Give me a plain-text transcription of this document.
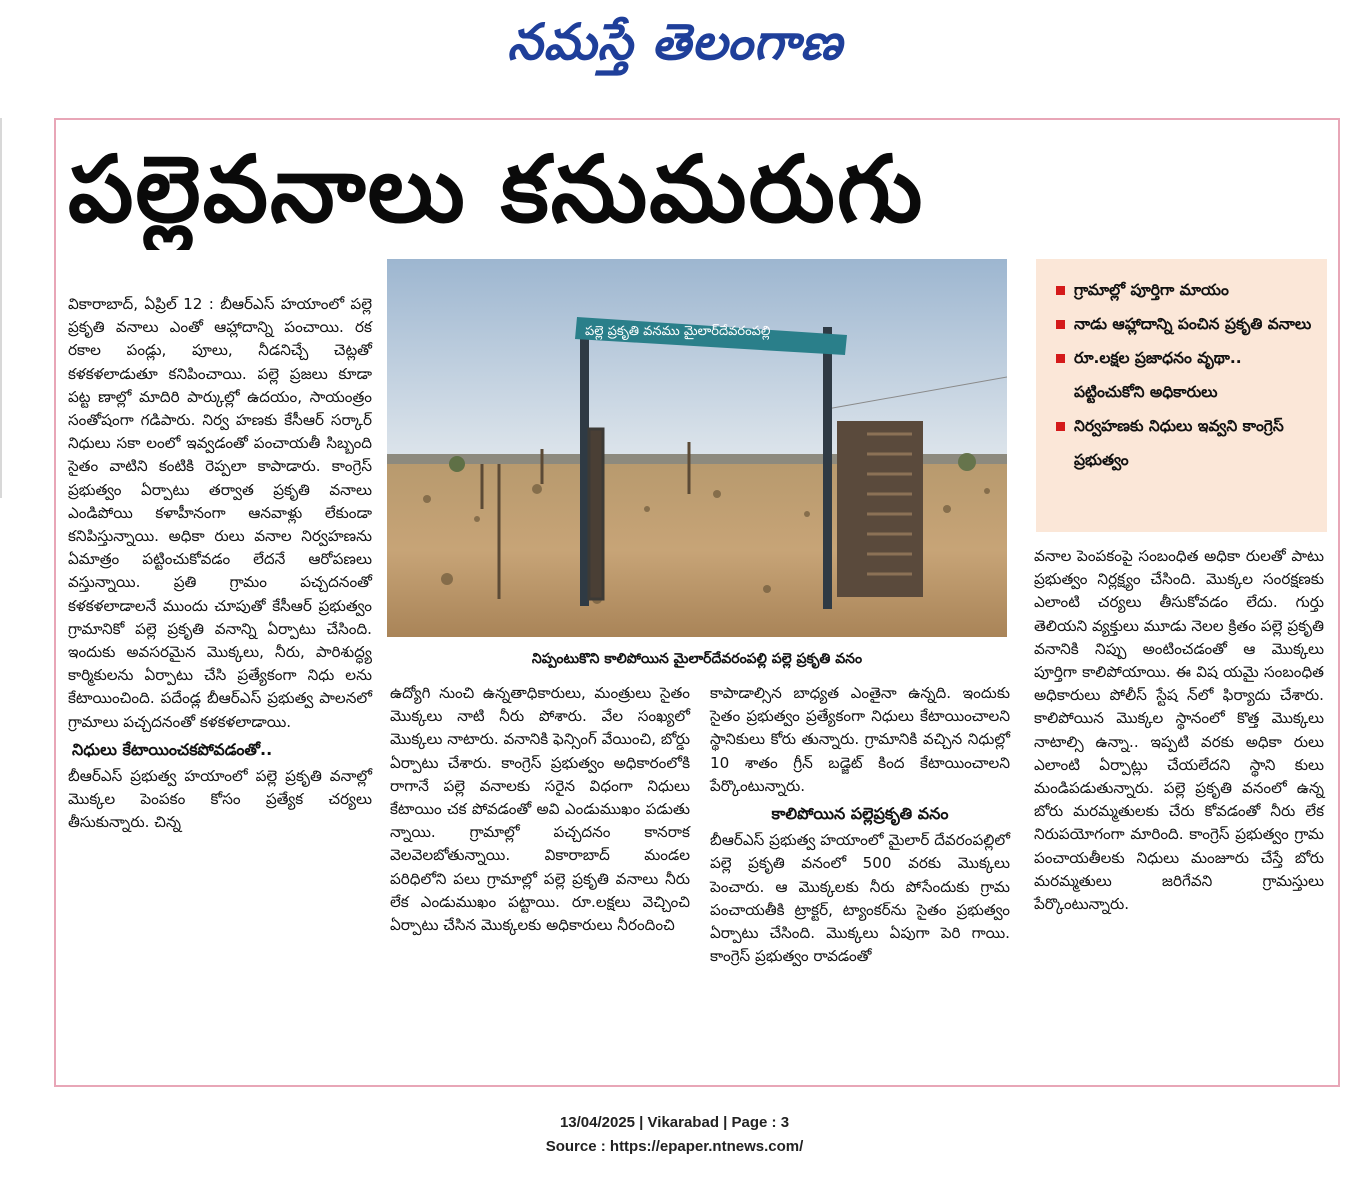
నమస్తే తెలంగాణ
పల్లెవనాలు కనుమరుగు
పల్లె ప్రకృతి వనము మైలార్‌దేవరంపల్లి
నిప్పంటుకొని కాలిపోయిన మైలార్‌దేవరంపల్లి పల్లె ప్రకృతి వనం
గ్రామాల్లో పూర్తిగా మాయం
నాడు ఆహ్లాదాన్ని పంచిన ప్రకృతి వనాలు
రూ.లక్షల ప్రజాధనం వృథా.. పట్టించుకోని అధికారులు
నిర్వహణకు నిధులు ఇవ్వని కాంగ్రెస్ ప్రభుత్వం

వికారాబాద్, ఏప్రిల్ 12 : బీఆర్‌ఎస్ హయాంలో పల్లె ప్రకృతి వనాలు ఎంతో ఆహ్లాదాన్ని పంచాయి. రక రకాల పండ్లు, పూలు, నీడనిచ్చే చెట్లతో కళకళలాడుతూ కనిపించాయి. పల్లె ప్రజలు కూడా పట్ట ణాల్లో మాదిరి పార్కుల్లో ఉదయం, సాయంత్రం సంతోషంగా గడిపారు. నిర్వ హణకు కేసీఆర్ సర్కార్ నిధులు సకా లంలో ఇవ్వడంతో పంచాయతీ సిబ్బంది సైతం వాటిని కంటికి రెప్పలా కాపాడారు. కాంగ్రెస్ ప్రభుత్వం ఏర్పాటు తర్వాత ప్రకృతి వనాలు ఎండిపోయి కళాహీనంగా ఆనవాళ్లు లేకుండా కనిపిస్తున్నాయి. అధికా రులు వనాల నిర్వహణను ఏమాత్రం పట్టించుకోవడం లేదనే ఆరోపణలు వస్తున్నాయి. ప్రతి గ్రామం పచ్చదనంతో కళకళలాడాలనే ముందు చూపుతో కేసీఆర్ ప్రభుత్వం గ్రామానికో పల్లె ప్రకృతి వనాన్ని ఏర్పాటు చేసింది. ఇందుకు అవసరమైన మొక్కలు, నీరు, పారిశుద్ధ్య కార్మికులను ఏర్పాటు చేసి ప్రత్యేకంగా నిధు లను కేటాయించింది. పదేండ్ల బీఆర్‌ఎస్ ప్రభుత్వ పాలనలో గ్రామాలు పచ్చదనంతో కళకళలాడాయి.

నిధులు కేటాయించకపోవడంతో..

బీఆర్‌ఎస్ ప్రభుత్వ హయాంలో పల్లె ప్రకృతి వనాల్లో మొక్కల పెంపకం కోసం ప్రత్యేక చర్యలు తీసుకున్నారు. చిన్న

ఉద్యోగి నుంచి ఉన్నతాధికారులు, మంత్రులు సైతం మొక్కలు నాటి నీరు పోశారు. వేల సంఖ్యలో మొక్కలు నాటారు. వనానికి ఫెన్సింగ్ వేయించి, బోర్డు ఏర్పాటు చేశారు. కాంగ్రెస్ ప్రభుత్వం అధికారంలోకి రాగానే పల్లె వనాలకు సరైన విధంగా నిధులు కేటాయిం చక పోవడంతో అవి ఎండుముఖం పడుతు న్నాయి. గ్రామాల్లో పచ్చదనం కానరాక వెలవెలబోతున్నాయి. వికారాబాద్ మండల పరిధిలోని పలు గ్రామాల్లో పల్లె ప్రకృతి వనాలు నీరు లేక ఎండుముఖం పట్టాయి. రూ.లక్షలు వెచ్చించి ఏర్పాటు చేసిన మొక్కలకు అధికారులు నీరందించి

కాపాడాల్సిన బాధ్యత ఎంతైనా ఉన్నది. ఇందుకు సైతం ప్రభుత్వం ప్రత్యేకంగా నిధులు కేటాయించాలని స్థానికులు కోరు తున్నారు. గ్రామానికి వచ్చిన నిధుల్లో 10 శాతం గ్రీన్ బడ్జెట్ కింద కేటాయించాలని పేర్కొంటున్నారు.

కాలిపోయిన పల్లెప్రకృతి వనం

బీఆర్‌ఎస్ ప్రభుత్వ హయాంలో మైలార్ దేవరంపల్లిలో పల్లె ప్రకృతి వనంలో 500 వరకు మొక్కలు పెంచారు. ఆ మొక్కలకు నీరు పోసేందుకు గ్రామ పంచాయతీకి ట్రాక్టర్, ట్యాంకర్‌ను సైతం ప్రభుత్వం ఏర్పాటు చేసింది. మొక్కలు ఏపుగా పెరి గాయి. కాంగ్రెస్ ప్రభుత్వం రావడంతో

వనాల పెంపకంపై సంబంధిత అధికా రులతో పాటు ప్రభుత్వం నిర్లక్ష్యం చేసింది. మొక్కల సంరక్షణకు ఎలాంటి చర్యలు తీసుకోవడం లేదు. గుర్తు తెలియని వ్యక్తులు మూడు నెలల క్రితం పల్లె ప్రకృతి వనానికి నిప్పు అంటించడంతో ఆ మొక్కలు పూర్తిగా కాలిపోయాయి. ఈ విష యమై సంబంధిత అధికారులు పోలీస్ స్టేష న్‌లో ఫిర్యాదు చేశారు. కాలిపోయిన మొక్కల స్థానంలో కొత్త మొక్కలు నాటాల్సి ఉన్నా.. ఇప్పటి వరకు అధికా రులు ఎలాంటి ఏర్పాట్లు చేయలేదని స్థాని కులు మండిపడుతున్నారు. పల్లె ప్రకృతి వనంలో ఉన్న బోరు మరమ్మతులకు చేరు కోవడంతో నీరు లేక నిరుపయోగంగా మారింది. కాంగ్రెస్ ప్రభుత్వం గ్రామ పంచాయతీలకు నిధులు మంజూరు చేస్తే బోరు మరమ్మతులు జరిగేవని గ్రామస్తులు పేర్కొంటున్నారు.

13/04/2025 | Vikarabad | Page : 3
Source : https://epaper.ntnews.com/
